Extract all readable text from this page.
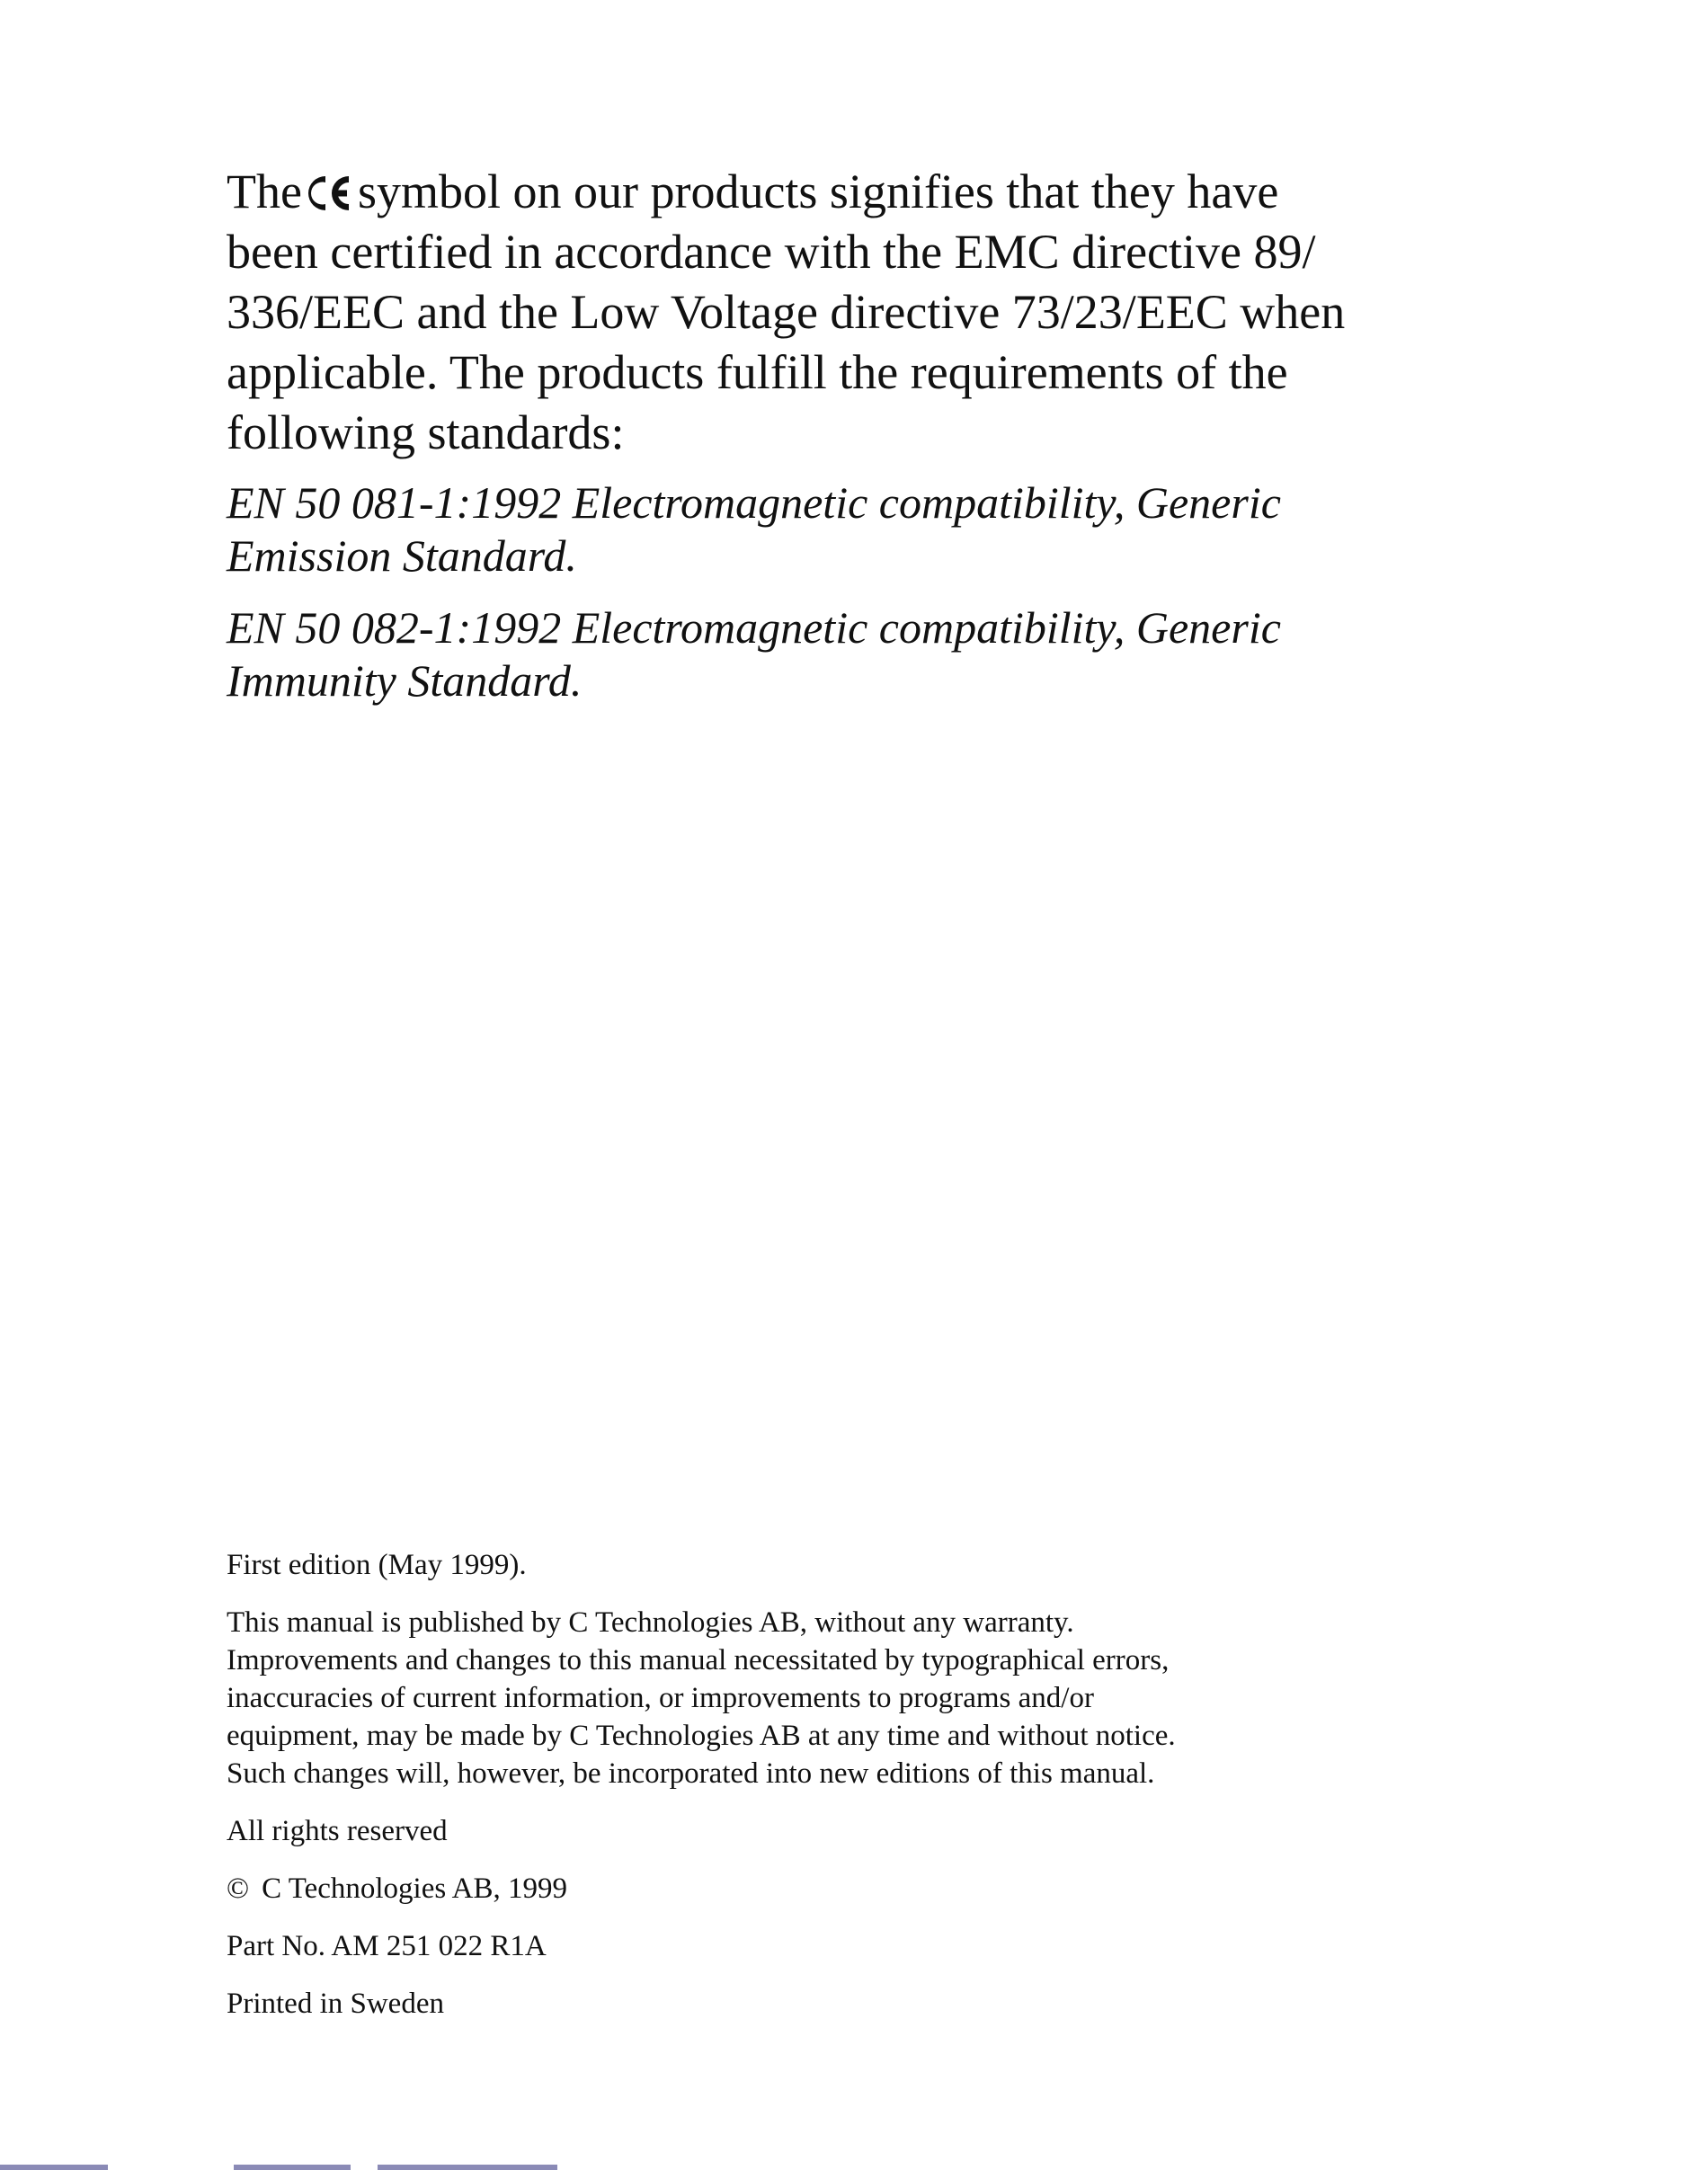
The symbol on our products signifies that they have
been certified in accordance with the EMC directive 89/
336/EEC and the Low Voltage directive 73/23/EEC when
applicable. The products fulfill the requirements of the
following standards:

EN 50 081-1:1992 Electromagnetic compatibility, Generic
Emission Standard.

EN 50 082-1:1992 Electromagnetic compatibility, Generic
Immunity Standard.

First edition (May 1999).

This manual is published by C Technologies AB, without any warranty.
Improvements and changes to this manual necessitated by typographical errors,
inaccuracies of current information, or improvements to programs and/or
equipment, may be made by C Technologies AB at any time and without notice.
Such changes will, however, be incorporated into new editions of this manual.

All rights reserved

© C Technologies AB, 1999

Part No. AM 251 022 R1A

Printed in Sweden
